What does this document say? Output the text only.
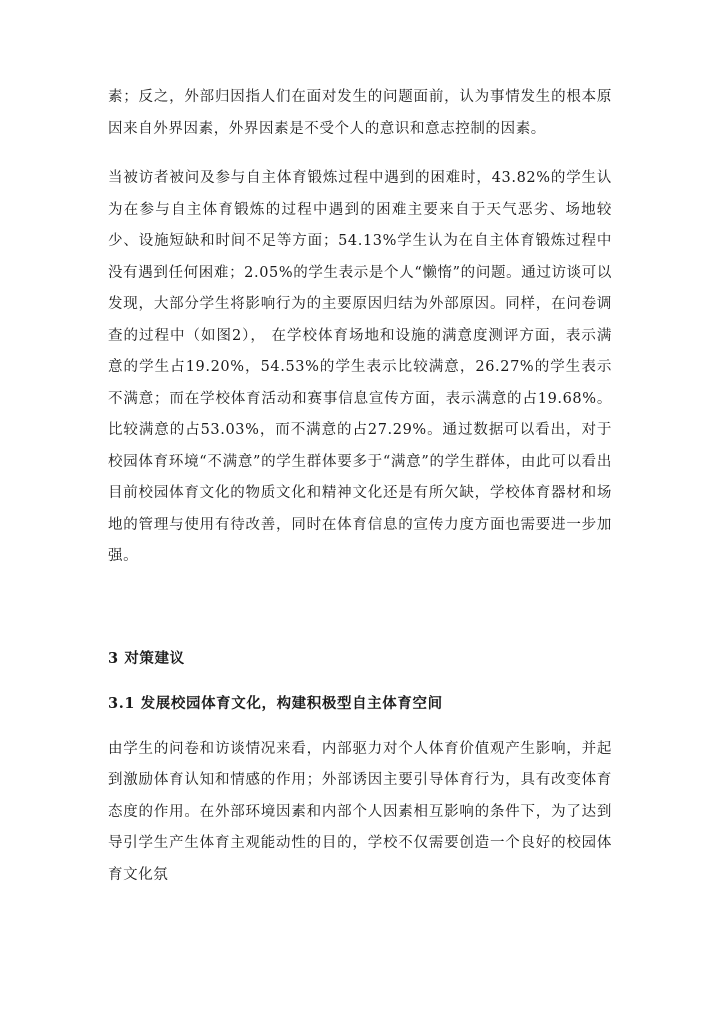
素；反之，外部归因指人们在面对发生的问题面前，认为事情发生的根本原因来自外界因素，外界因素是不受个人的意识和意志控制的因素。

当被访者被问及参与自主体育锻炼过程中遇到的困难时，43.82%的学生认为在参与自主体育锻炼的过程中遇到的困难主要来自于天气恶劣、场地较少、设施短缺和时间不足等方面；54.13%学生认为在自主体育锻炼过程中没有遇到任何困难；2.05%的学生表示是个人“懒惰”的问题。通过访谈可以发现，大部分学生将影响行为的主要原因归结为外部原因。同样，在问卷调查的过程中（如图2）， 在学校体育场地和设施的满意度测评方面，表示满意的学生占19.20%，54.53%的学生表示比较满意，26.27%的学生表示不满意；而在学校体育活动和赛事信息宣传方面，表示满意的占19.68%。比较满意的占53.03%，而不满意的占27.29%。通过数据可以看出，对于校园体育环境“不满意”的学生群体要多于“满意”的学生群体，由此可以看出目前校园体育文化的物质文化和精神文化还是有所欠缺，学校体育器材和场地的管理与使用有待改善，同时在体育信息的宣传力度方面也需要进一步加强。

3 对策建议
3.1 发展校园体育文化，构建积极型自主体育空间

由学生的问卷和访谈情况来看，内部驱力对个人体育价值观产生影响，并起到激励体育认知和情感的作用；外部诱因主要引导体育行为，具有改变体育态度的作用。在外部环境因素和内部个人因素相互影响的条件下，为了达到导引学生产生体育主观能动性的目的，学校不仅需要创造一个良好的校园体育文化氛
